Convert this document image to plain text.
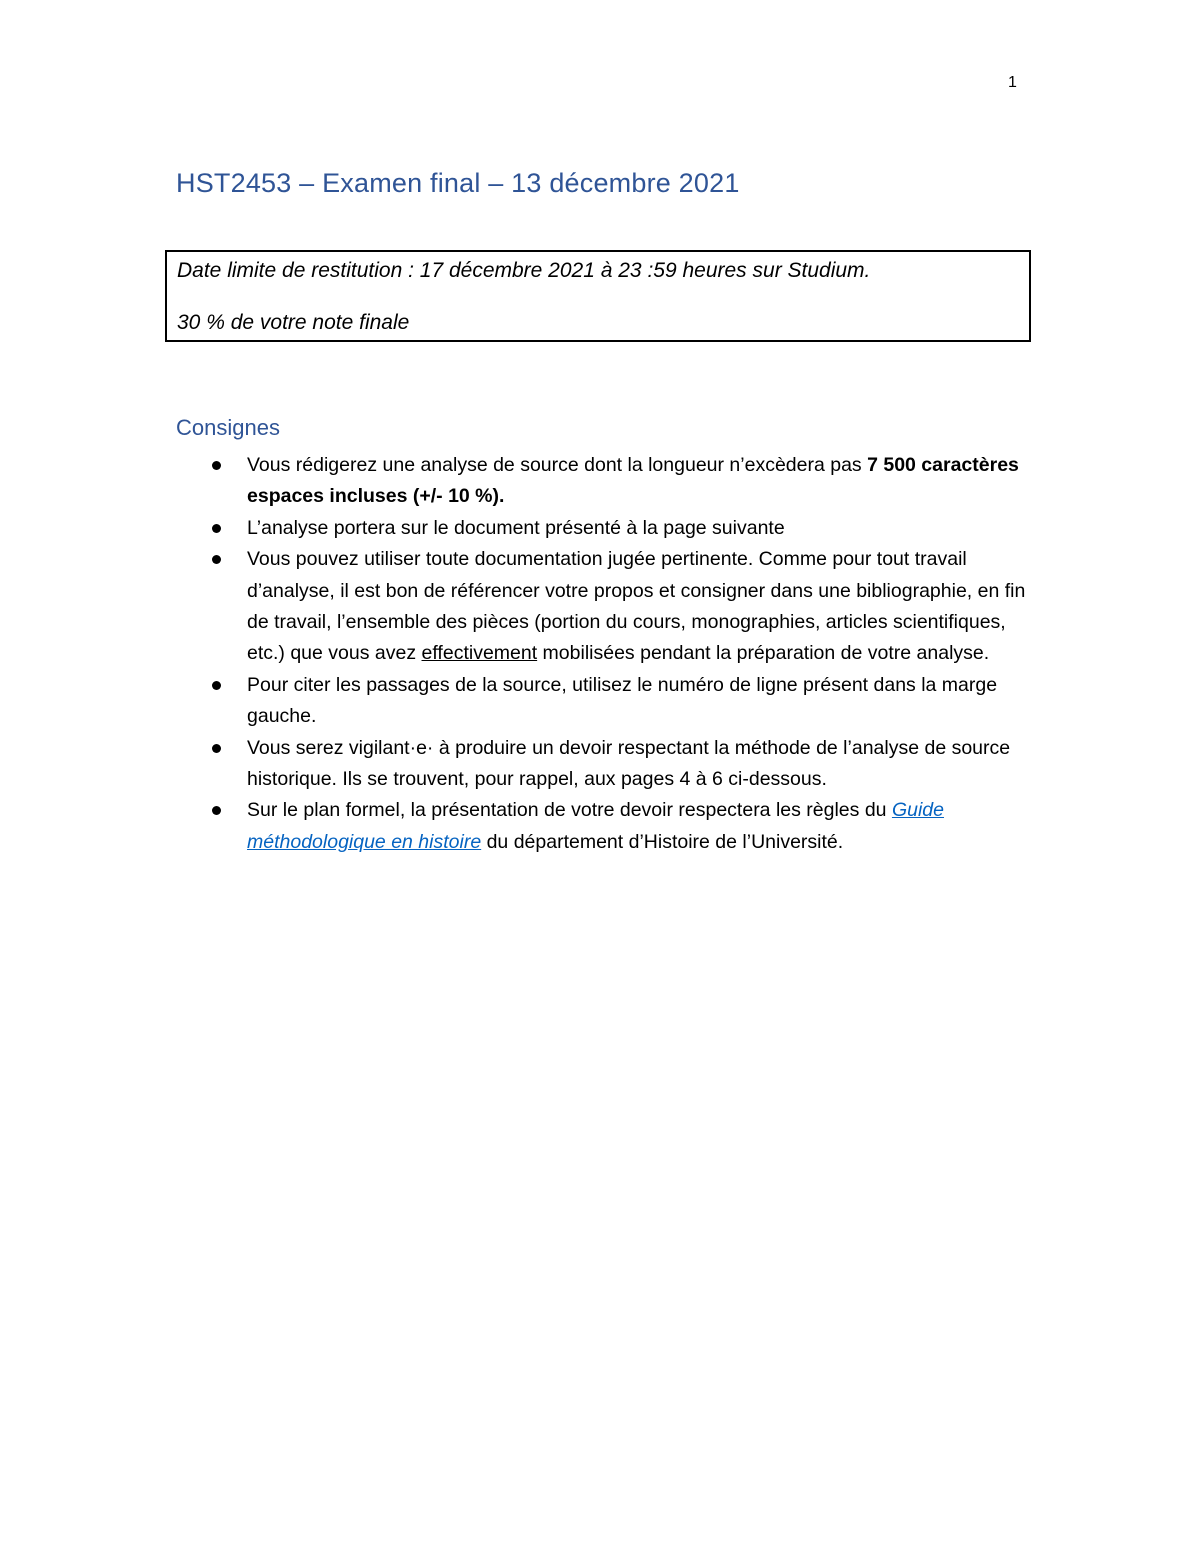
1
HST2453 – Examen final – 13 décembre 2021
Date limite de restitution : 17 décembre 2021 à 23 :59 heures sur Studium.
30 % de votre note finale
Consignes
Vous rédigerez une analyse de source dont la longueur n’excèdera pas 7 500 caractères espaces incluses (+/- 10 %).
L’analyse portera sur le document présenté à la page suivante
Vous pouvez utiliser toute documentation jugée pertinente. Comme pour tout travail d’analyse, il est bon de référencer votre propos et consigner dans une bibliographie, en fin de travail, l’ensemble des pièces (portion du cours, monographies, articles scientifiques, etc.) que vous avez effectivement mobilisées pendant la préparation de votre analyse.
Pour citer les passages de la source, utilisez le numéro de ligne présent dans la marge gauche.
Vous serez vigilant·e· à produire un devoir respectant la méthode de l’analyse de source historique. Ils se trouvent, pour rappel, aux pages 4 à 6 ci-dessous.
Sur le plan formel, la présentation de votre devoir respectera les règles du Guide méthodologique en histoire du département d’Histoire de l’Université.
